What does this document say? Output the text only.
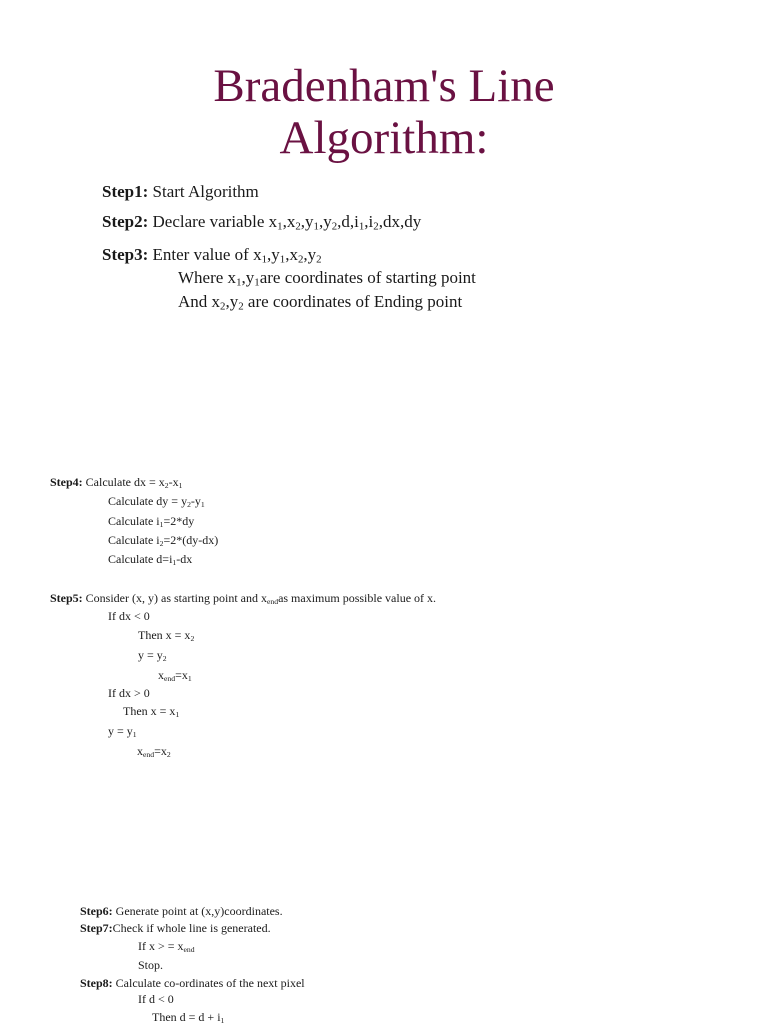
Bradenham's Line
Algorithm:
Step1: Start Algorithm
Step2: Declare variable $x_1,x_2,y_1,y_2,d,i_1,i_2,dx,dy$
Step3: Enter value of $x_1,y_1,x_2,y_2$
Where $x_1,y_1are$ coordinates of starting point
And $x_2,y_2$ are coordinates of Ending point
Step4: Calculate dx = $x_2-x_1$
Calculate dy = $y_2-y_1$
Calculate $i_1=2*dy$
Calculate $i_2=2*(dy-dx)$
Calculate $d=i_1-dx$
Step5: Consider (x, y) as starting point and $x_{end}as$ maximum possible value of x.
If dx < 0
Then $x = x_2$
$y = y_2$
$x_{end}=x_1$
If dx > 0
Then $x = x_1$
$y = y_1$
$x_{end}=x_2$
Step6: Generate point at (x,y)coordinates.
Step7:Check if whole line is generated.
If x > = $x_{end}$
Stop.
Step8: Calculate co-ordinates of the next pixel
If d < 0
Then $d = d + i_1$
